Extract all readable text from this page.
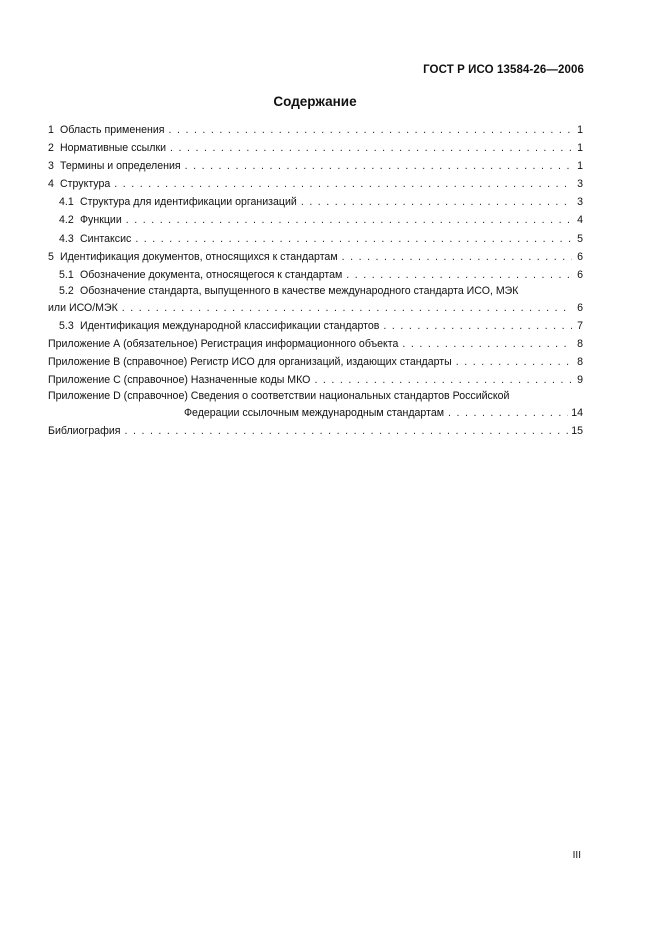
ГОСТ Р ИСО 13584-26—2006
Содержание
1 Область применения . . .	1
2 Нормативные ссылки . . .	1
3 Термины и определения . . .	1
4 Структура . . .	3
4.1 Структура для идентификации организаций . . .	3
4.2 Функции . . .	4
4.3 Синтаксис . . .	5
5 Идентификация документов, относящихся к стандартам . . .	6
5.1 Обозначение документа, относящегося к стандартам . . .	6
5.2 Обозначение стандарта, выпущенного в качестве международного стандарта ИСО, МЭК
или ИСО/МЭК . . .	6
5.3 Идентификация международной классификации стандартов . . .	7
Приложение А (обязательное) Регистрация информационного объекта . . .	8
Приложение В (справочное) Регистр ИСО для организаций, издающих стандарты . . .	8
Приложение С (справочное) Назначенные коды МКО . . .	9
Приложение D (справочное) Сведения о соответствии национальных стандартов Российской
Федерации ссылочным международным стандартам . . .	14
Библиография . . .	15
III
